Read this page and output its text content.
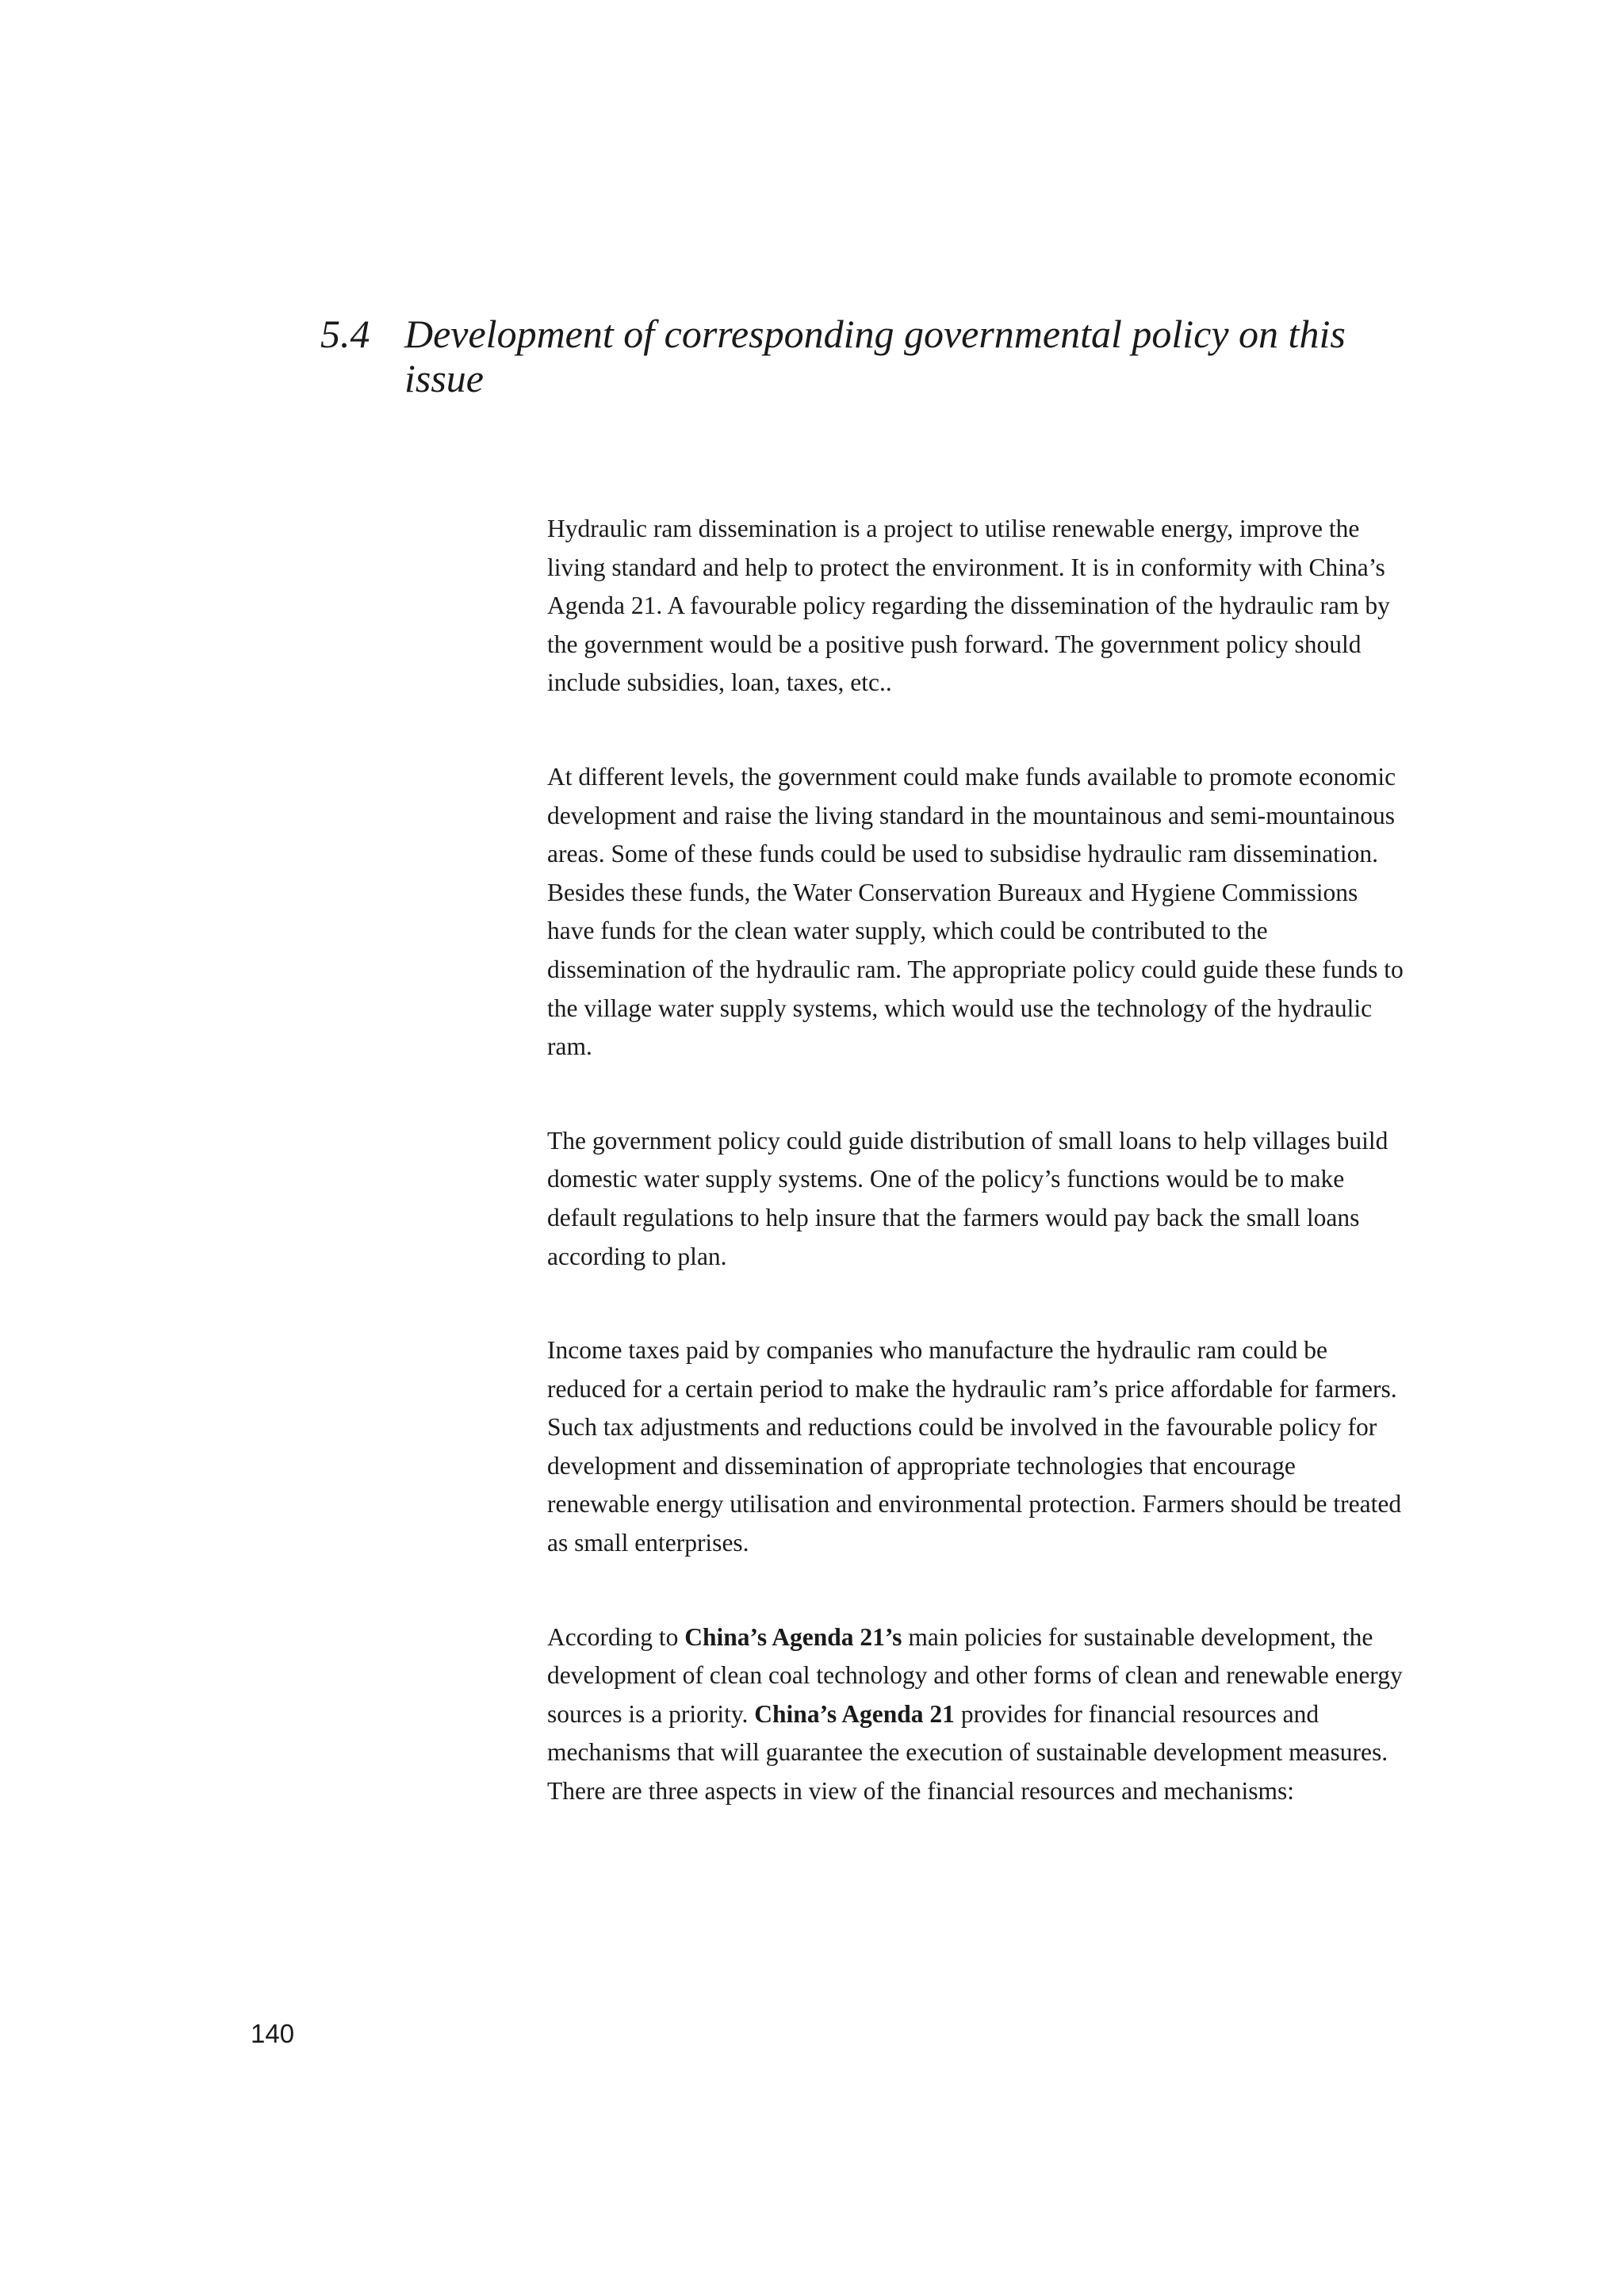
5.4 Development of corresponding governmental policy on this issue

Hydraulic ram dissemination is a project to utilise renewable energy, improve the living standard and help to protect the environment. It is in conformity with China’s Agenda 21. A favourable policy regarding the dissemination of the hydraulic ram by the government would be a positive push forward. The government policy should include subsidies, loan, taxes, etc..

At different levels, the government could make funds available to promote economic development and raise the living standard in the mountainous and semi-mountainous areas. Some of these funds could be used to subsidise hydraulic ram dissemination. Besides these funds, the Water Conservation Bureaux and Hygiene Commissions have funds for the clean water supply, which could be contributed to the dissemination of the hydraulic ram. The appropriate policy could guide these funds to the village water supply systems, which would use the technology of the hydraulic ram.

The government policy could guide distribution of small loans to help villages build domestic water supply systems. One of the policy’s functions would be to make default regulations to help insure that the farmers would pay back the small loans according to plan.

Income taxes paid by companies who manufacture the hydraulic ram could be reduced for a certain period to make the hydraulic ram’s price affordable for farmers. Such tax adjustments and reductions could be involved in the favourable policy for development and dissemination of appropriate technologies that encourage renewable energy utilisation and environmental protection. Farmers should be treated as small enterprises.

According to China’s Agenda 21’s main policies for sustainable development, the development of clean coal technology and other forms of clean and renewable energy sources is a priority. China’s Agenda 21 provides for financial resources and mechanisms that will guarantee the execution of sustainable development measures. There are three aspects in view of the financial resources and mechanisms:

140
